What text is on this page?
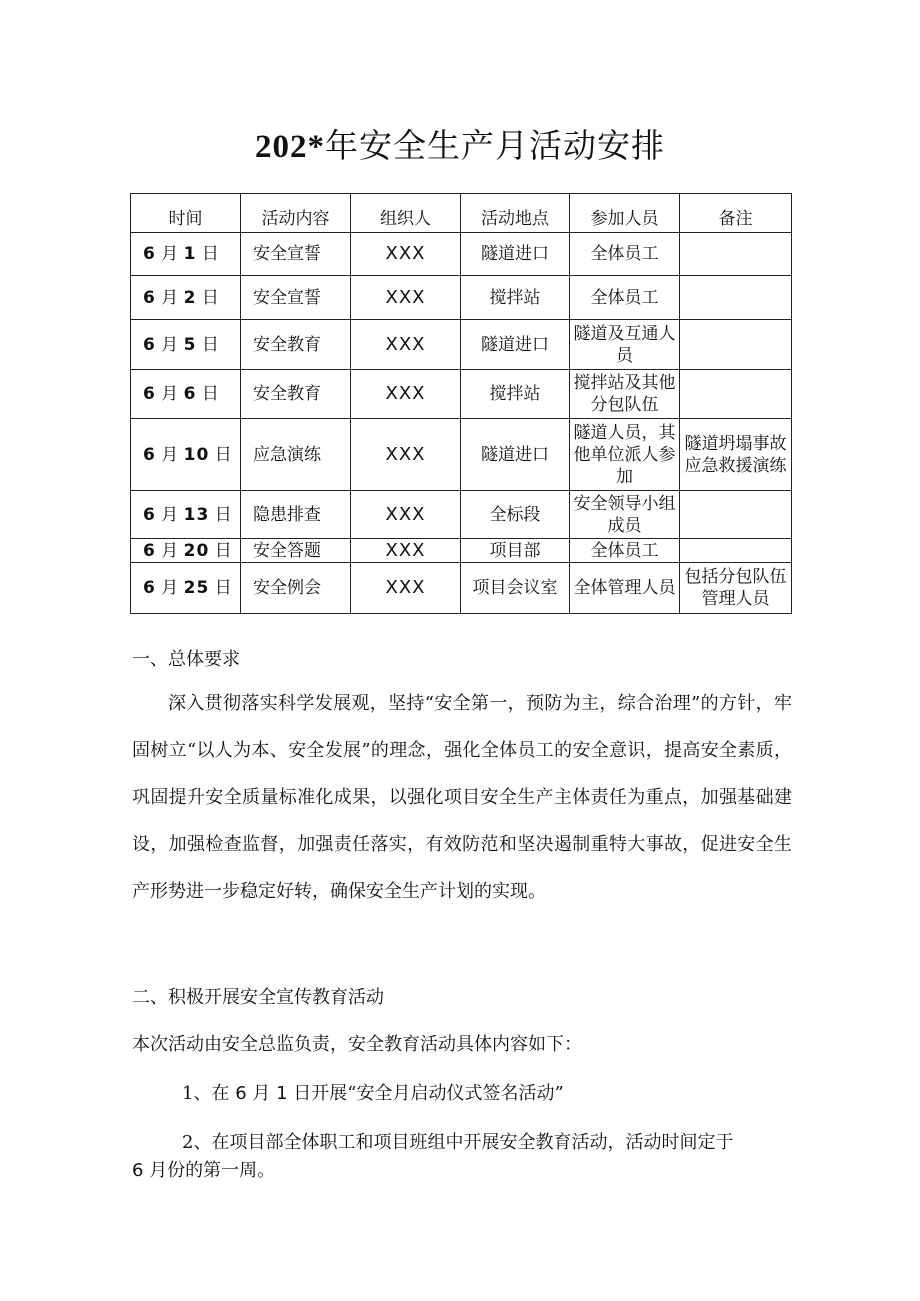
202*年安全生产月活动安排
时间	活动内容	组织人	活动地点	参加人员	备注
6 月 1 日	安全宣誓	XXX	隧道进口	全体员工	
6 月 2 日	安全宣誓	XXX	搅拌站	全体员工	
6 月 5 日	安全教育	XXX	隧道进口	隧道及互通人员	
6 月 6 日	安全教育	XXX	搅拌站	搅拌站及其他分包队伍	
6 月 10 日	应急演练	XXX	隧道进口	隧道人员，其他单位派人参加	隧道坍塌事故应急救援演练
6 月 13 日	隐患排查	XXX	全标段	安全领导小组成员	
6 月 20 日	安全答题	XXX	项目部	全体员工	
6 月 25 日	安全例会	XXX	项目会议室	全体管理人员	包括分包队伍管理人员
一、总体要求
深入贯彻落实科学发展观，坚持“安全第一，预防为主，综合治理”的方针，牢固树立“以人为本、安全发展”的理念，强化全体员工的安全意识，提高安全素质，巩固提升安全质量标准化成果，以强化项目安全生产主体责任为重点，加强基础建设，加强检查监督，加强责任落实，有效防范和坚决遏制重特大事故，促进安全生产形势进一步稳定好转，确保安全生产计划的实现。
二、积极开展安全宣传教育活动
本次活动由安全总监负责，安全教育活动具体内容如下：
1、在 6 月 1 日开展“安全月启动仪式签名活动”
2、在项目部全体职工和项目班组中开展安全教育活动，活动时间定于
6 月份的第一周。
